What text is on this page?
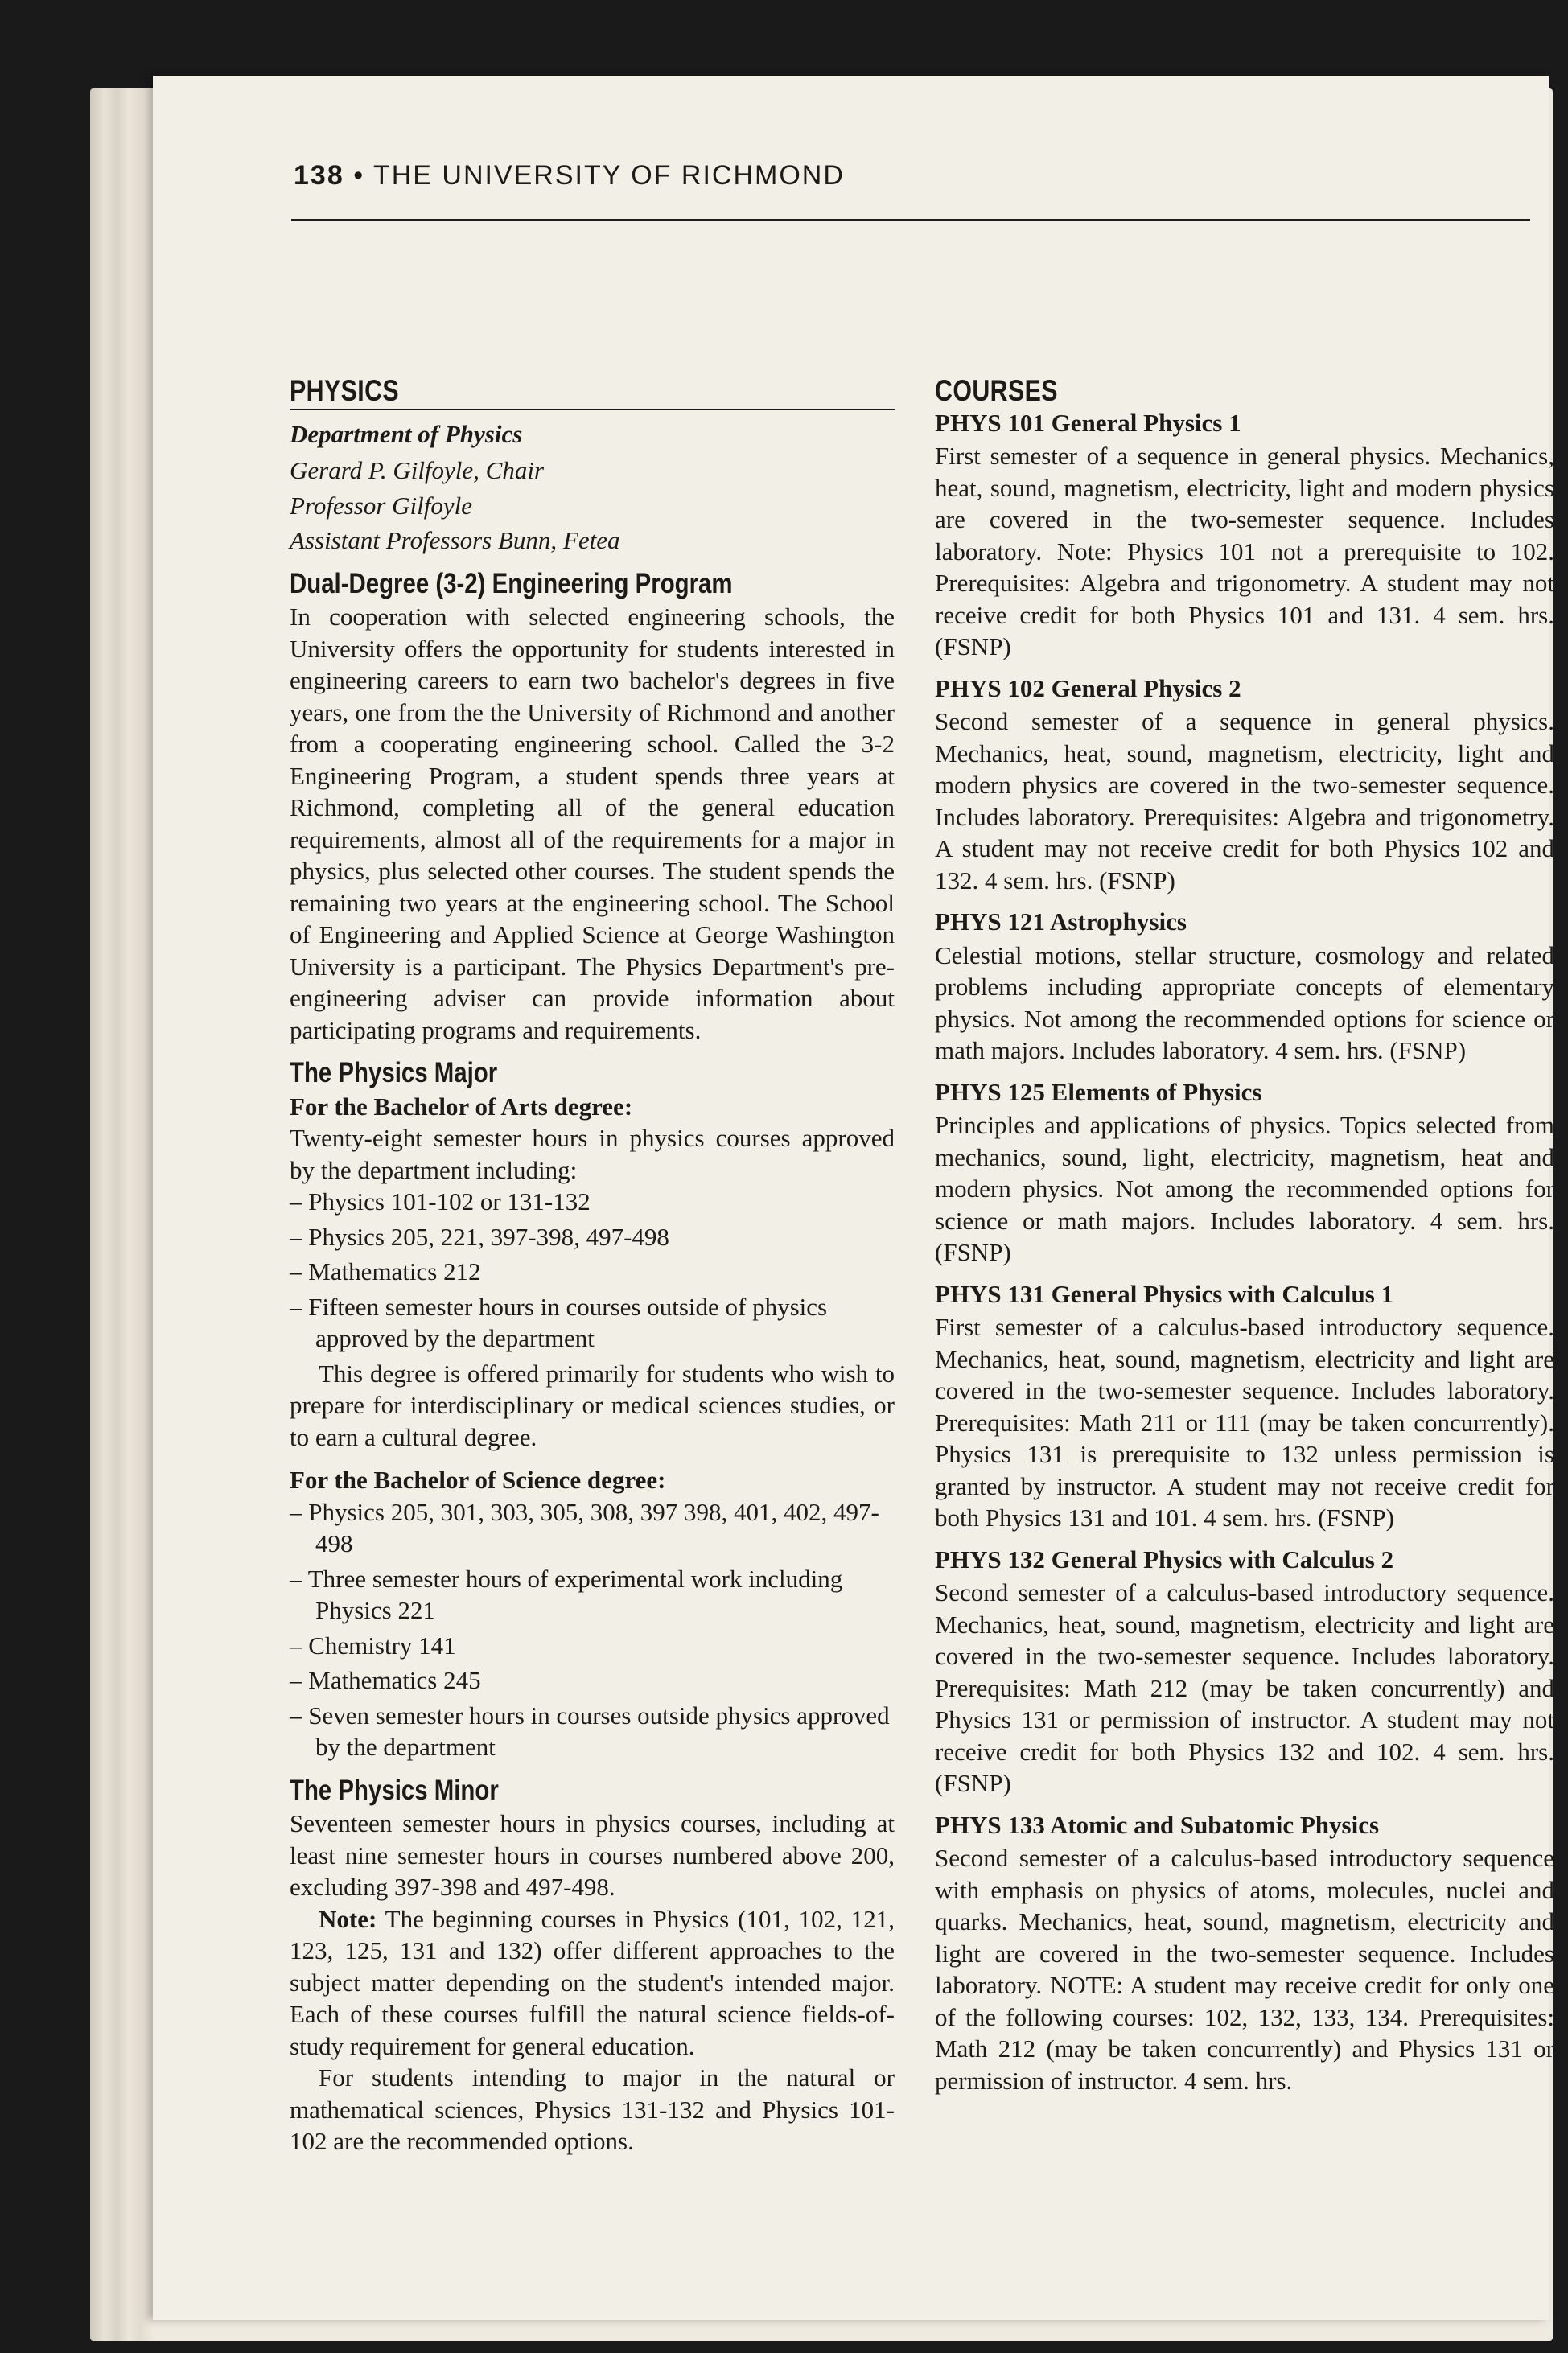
138 • THE UNIVERSITY OF RICHMOND
PHYSICS
Department of Physics
Gerard P. Gilfoyle, Chair
Professor Gilfoyle
Assistant Professors Bunn, Fetea
Dual-Degree (3-2) Engineering Program

In cooperation with selected engineering schools, the University offers the opportunity for students interested in engineering careers to earn two bachelor's degrees in five years, one from the the University of Richmond and another from a cooperating engineering school. Called the 3-2 Engineering Program, a student spends three years at Richmond, completing all of the general education requirements, almost all of the requirements for a major in physics, plus selected other courses. The student spends the remaining two years at the engineering school. The School of Engineering and Applied Science at George Washington University is a participant. The Physics Department's pre-engineering adviser can provide information about participating programs and requirements.

The Physics Major
For the Bachelor of Arts degree:

Twenty-eight semester hours in physics courses approved by the department including:

– Physics 101-102 or 131-132
– Physics 205, 221, 397-398, 497-498
– Mathematics 212
– Fifteen semester hours in courses outside of physics approved by the department

This degree is offered primarily for students who wish to prepare for interdisciplinary or medical sciences studies, or to earn a cultural degree.

For the Bachelor of Science degree:
– Physics 205, 301, 303, 305, 308, 397 398, 401, 402, 497-498
– Three semester hours of experimental work including Physics 221
– Chemistry 141
– Mathematics 245
– Seven semester hours in courses outside physics approved by the department
The Physics Minor

Seventeen semester hours in physics courses, including at least nine semester hours in courses numbered above 200, excluding 397-398 and 497-498.

Note: The beginning courses in Physics (101, 102, 121, 123, 125, 131 and 132) offer different approaches to the subject matter depending on the student's intended major. Each of these courses fulfill the natural science fields-of-study requirement for general education.

For students intending to major in the natural or mathematical sciences, Physics 131-132 and Physics 101-102 are the recommended options.

COURSES
PHYS 101 General Physics 1
First semester of a sequence in general physics. Mechanics, heat, sound, magnetism, electricity, light and modern physics are covered in the two-semester sequence. Includes laboratory. Note: Physics 101 not a prerequisite to 102. Prerequisites: Algebra and trigonometry. A student may not receive credit for both Physics 101 and 131. 4 sem. hrs. (FSNP)
PHYS 102 General Physics 2
Second semester of a sequence in general physics. Mechanics, heat, sound, magnetism, electricity, light and modern physics are covered in the two-semester sequence. Includes laboratory. Prerequisites: Algebra and trigonometry. A student may not receive credit for both Physics 102 and 132. 4 sem. hrs. (FSNP)
PHYS 121 Astrophysics
Celestial motions, stellar structure, cosmology and related problems including appropriate concepts of elementary physics. Not among the recommended options for science or math majors. Includes laboratory. 4 sem. hrs. (FSNP)
PHYS 125 Elements of Physics
Principles and applications of physics. Topics selected from mechanics, sound, light, electricity, magnetism, heat and modern physics. Not among the recommended options for science or math majors. Includes laboratory. 4 sem. hrs. (FSNP)
PHYS 131 General Physics with Calculus 1
First semester of a calculus-based introductory sequence. Mechanics, heat, sound, magnetism, electricity and light are covered in the two-semester sequence. Includes laboratory. Prerequisites: Math 211 or 111 (may be taken concurrently). Physics 131 is prerequisite to 132 unless permission is granted by instructor. A student may not receive credit for both Physics 131 and 101. 4 sem. hrs. (FSNP)
PHYS 132 General Physics with Calculus 2
Second semester of a calculus-based introductory sequence. Mechanics, heat, sound, magnetism, electricity and light are covered in the two-semester sequence. Includes laboratory. Prerequisites: Math 212 (may be taken concurrently) and Physics 131 or permission of instructor. A student may not receive credit for both Physics 132 and 102. 4 sem. hrs. (FSNP)
PHYS 133 Atomic and Subatomic Physics
Second semester of a calculus-based introductory sequence with emphasis on physics of atoms, molecules, nuclei and quarks. Mechanics, heat, sound, magnetism, electricity and light are covered in the two-semester sequence. Includes laboratory. NOTE: A student may receive credit for only one of the following courses: 102, 132, 133, 134. Prerequisites: Math 212 (may be taken concurrently) and Physics 131 or permission of instructor. 4 sem. hrs.
